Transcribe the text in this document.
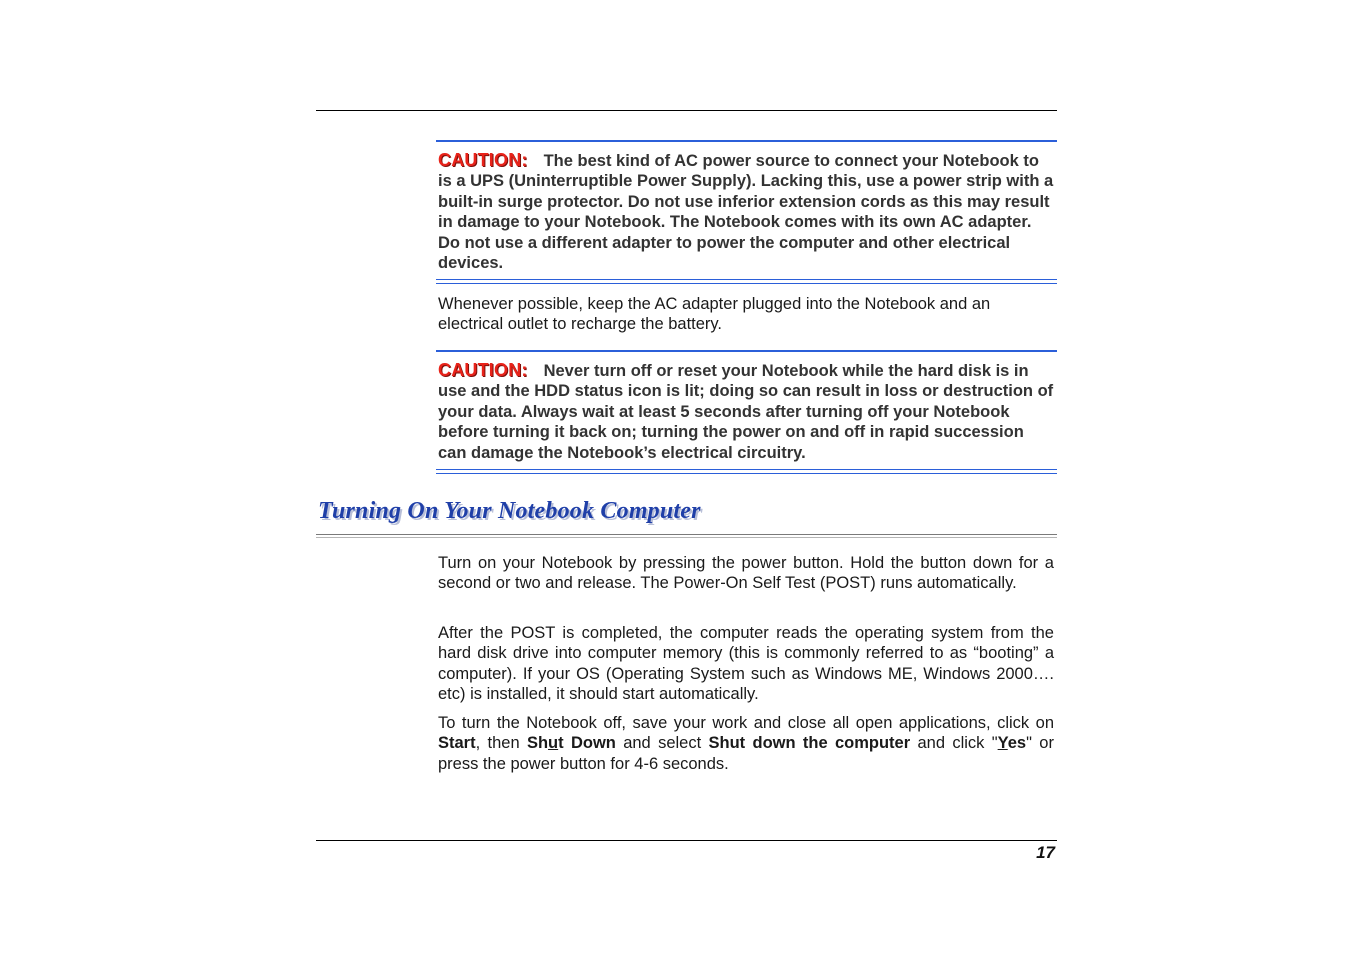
CAUTION: The best kind of AC power source to connect your Notebook to is a UPS (Uninterruptible Power Supply). Lacking this, use a power strip with a built-in surge protector. Do not use inferior extension cords as this may result in damage to your Notebook. The Notebook comes with its own AC adapter. Do not use a different adapter to power the computer and other electrical devices.

Whenever possible, keep the AC adapter plugged into the Notebook and an electrical outlet to recharge the battery.

CAUTION: Never turn off or reset your Notebook while the hard disk is in use and the HDD status icon is lit; doing so can result in loss or destruction of your data. Always wait at least 5 seconds after turning off your Notebook before turning it back on; turning the power on and off in rapid succession can damage the Notebook’s electrical circuitry.
Turning On Your Notebook Computer

Turn on your Notebook by pressing the power button. Hold the button down for a second or two and release. The Power-On Self Test (POST) runs automatically.

After the POST is completed, the computer reads the operating system from the hard disk drive into computer memory (this is commonly referred to as “booting” a computer). If your OS (Operating System such as Windows ME, Windows 2000…. etc) is installed, it should start automatically.

To turn the Notebook off, save your work and close all open applications, click on Start, then Shut Down and select Shut down the computer and click "Yes" or press the power button for 4-6 seconds.

17
